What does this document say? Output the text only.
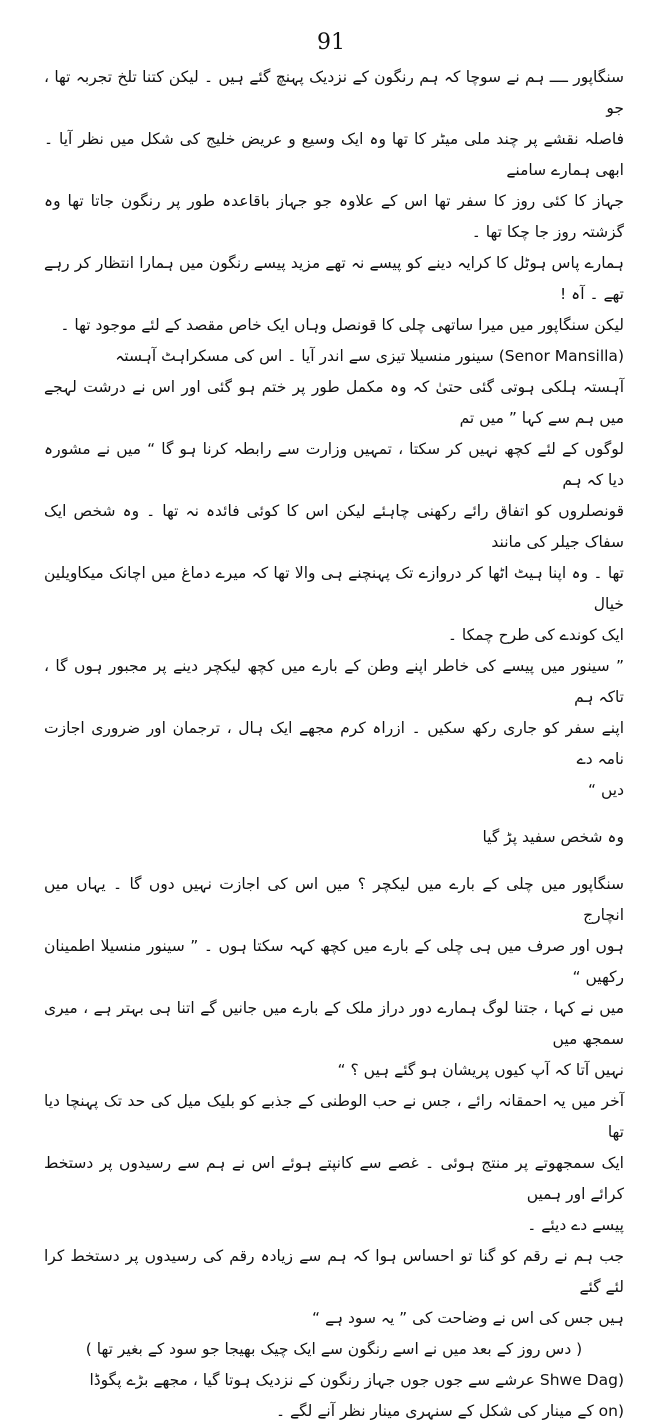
91

سنگاپور ــــ ہم نے سوچا کہ ہم رنگون کے نزدیک پہنچ گئے ہیں ۔ لیکن کتنا تلخ تجربہ تھا ، جو

فاصلہ نقشے پر چند ملی میٹر کا تھا وہ ایک وسیع و عریض خلیج کی شکل میں نظر آیا ۔ ابھی ہمارے سامنے

جہاز کا کئی روز کا سفر تھا اس کے علاوہ جو جہاز باقاعدہ طور پر رنگون جاتا تھا وہ گزشتہ روز جا چکا تھا ۔

ہمارے پاس ہوٹل کا کرایہ دینے کو پیسے نہ تھے مزید پیسے رنگون میں ہمارا انتظار کر رہے تھے ۔ آہ !

لیکن سنگاپور میں میرا ساتھی چلی کا قونصل وہاں ایک خاص مقصد کے لئے موجود تھا ۔

(Senor Mansilla) سینور منسیلا تیزی سے اندر آیا ۔ اس کی مسکراہٹ آہستہ

آہستہ ہلکی ہوتی گئی حتیٰ کہ وہ مکمل طور پر ختم ہو گئی اور اس نے درشت لہجے میں ہم سے کہا ” میں تم

لوگوں کے لئے کچھ نہیں کر سکتا ، تمہیں وزارت سے رابطہ کرنا ہو گا “ میں نے مشورہ دیا کہ ہم

قونصلروں کو اتفاق رائے رکھنی چاہئے لیکن اس کا کوئی فائدہ نہ تھا ۔ وہ شخص ایک سفاک جیلر کی مانند

تھا ۔ وہ اپنا ہیٹ اٹھا کر دروازے تک پہنچنے ہی والا تھا کہ میرے دماغ میں اچانک میکاویلین خیال

ایک کوندے کی طرح چمکا ۔

” سینور میں پیسے کی خاطر اپنے وطن کے بارے میں کچھ لیکچر دینے پر مجبور ہوں گا ، تاکہ ہم

اپنے سفر کو جاری رکھ سکیں ۔ ازراہ کرم مجھے ایک ہال ، ترجمان اور ضروری اجازت نامہ دے

دیں “

وہ شخص سفید پڑ گیا

سنگاپور میں چلی کے بارے میں لیکچر ؟ میں اس کی اجازت نہیں دوں گا ۔ یہاں میں انچارج

ہوں اور صرف میں ہی چلی کے بارے میں کچھ کہہ سکتا ہوں ۔ ” سینور منسیلا اطمینان رکھیں “

میں نے کہا ، جتنا لوگ ہمارے دور دراز ملک کے بارے میں جانیں گے اتنا ہی بہتر ہے ، میری سمجھ میں

نہیں آتا کہ آپ کیوں پریشان ہو گئے ہیں ؟ “

آخر میں یہ احمقانہ رائے ، جس نے حب الوطنی کے جذبے کو بلیک میل کی حد تک پہنچا دیا تھا

ایک سمجھوتے پر منتج ہوئی ۔ غصے سے کانپتے ہوئے اس نے ہم سے رسیدوں پر دستخط کرائے اور ہمیں

پیسے دے دیئے ۔

جب ہم نے رقم کو گنا تو احساس ہوا کہ ہم سے زیادہ رقم کی رسیدوں پر دستخط کرا لئے گئے

ہیں جس کی اس نے وضاحت کی ” یہ سود ہے “

( دس روز کے بعد میں نے اسے رنگون سے ایک چیک بھیجا جو سود کے بغیر تھا )

(Shwe Dag عرشے سے جوں جوں جہاز رنگون کے نزدیک ہوتا گیا ، مجھے بڑے پگوڈا

(on کے مینار کی شکل کے سنہری مینار نظر آنے لگے ۔
